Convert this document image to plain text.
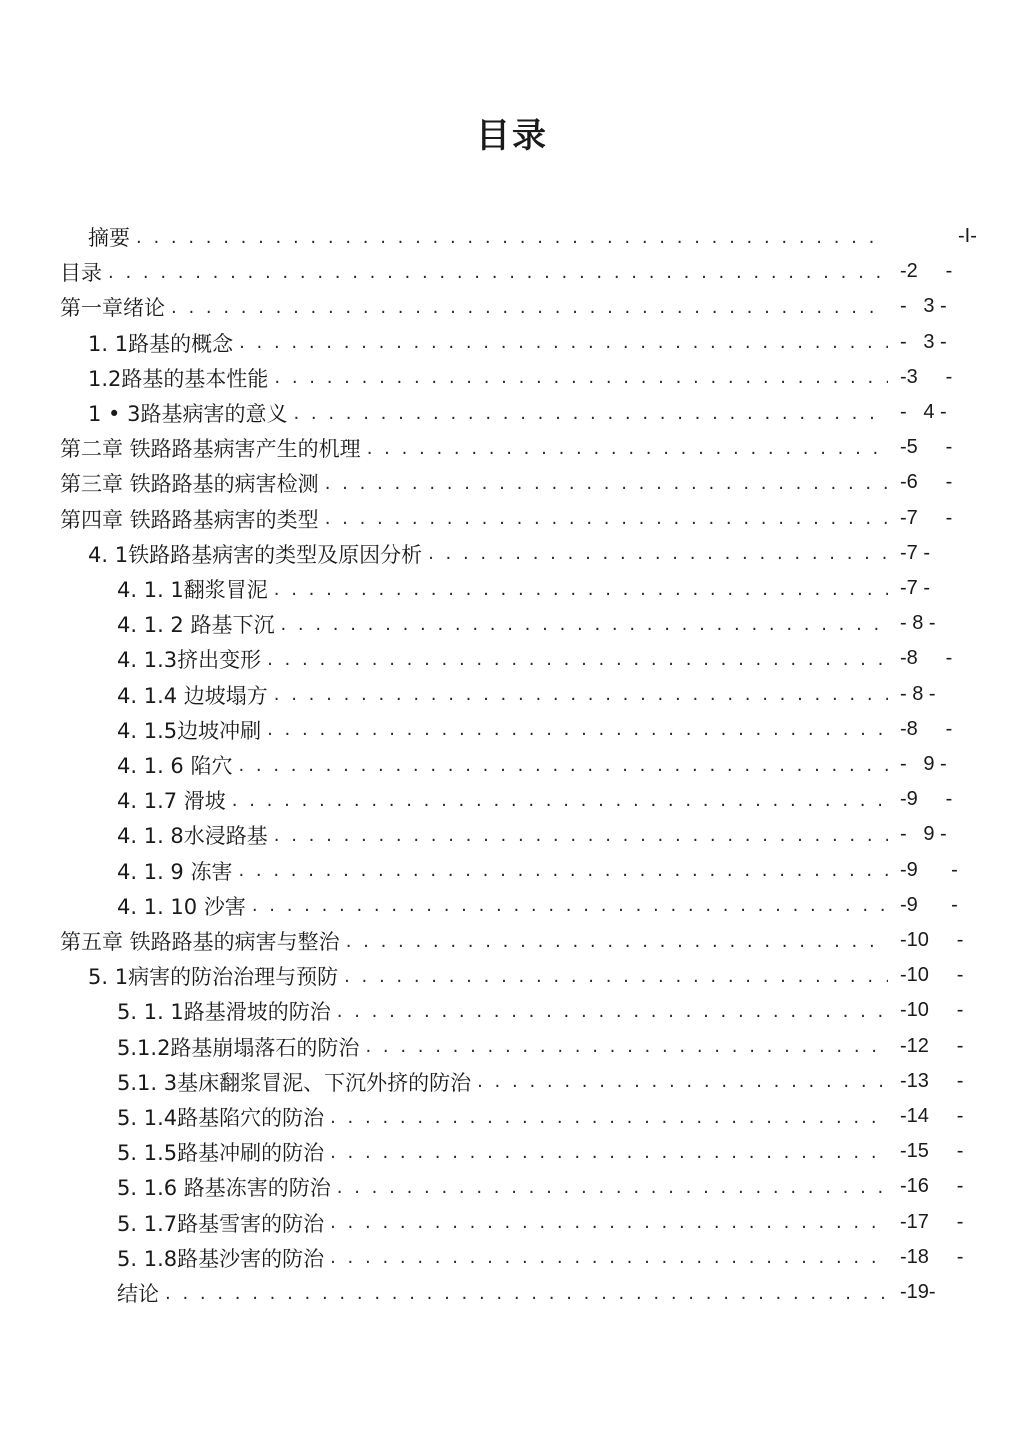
目录
摘要 . . .	-I-
目录 . . .	-2     -
第一章绪论 . . .	-   3 -
1. 1路基的概念 . . .	-   3 -
1.2路基的基本性能 . . .	-3     -
1 • 3路基病害的意义 . . .	-   4 -
第二章 铁路路基病害产生的机理 . . .	-5     -
第三章 铁路路基的病害检测 . . .	-6     -
第四章 铁路路基病害的类型 . . .	-7     -
4. 1铁路路基病害的类型及原因分析 . . .	-7 -
4. 1. 1翻浆冒泥 . . .	-7 -
4. 1. 2 路基下沉 . . .	- 8 -
4. 1.3挤出变形 . . .	-8     -
4. 1.4 边坡塌方 . . .	- 8 -
4. 1.5边坡冲刷 . . .	-8     -
4. 1. 6 陷穴 . . .	-   9 -
4. 1.7 滑坡 . . .	-9     -
4. 1. 8水浸路基 . . .	-   9 -
4. 1. 9 冻害 . . .	-9      -
4. 1. 10 沙害 . . .	-9      -
第五章 铁路路基的病害与整治 . . .	-10     -
5. 1病害的防治治理与预防 . . .	-10     -
5. 1. 1路基滑坡的防治 . . .	-10     -
5.1.2路基崩塌落石的防治 . . .	-12     -
5.1. 3基床翻浆冒泥、下沉外挤的防治 . . .	-13     -
5. 1.4路基陷穴的防治 . . .	-14     -
5. 1.5路基冲刷的防治 . . .	-15     -
5. 1.6 路基冻害的防治 . . .	-16     -
5. 1.7路基雪害的防治 . . .	-17     -
5. 1.8路基沙害的防治 . . .	-18     -
结论 . . .	-19-
